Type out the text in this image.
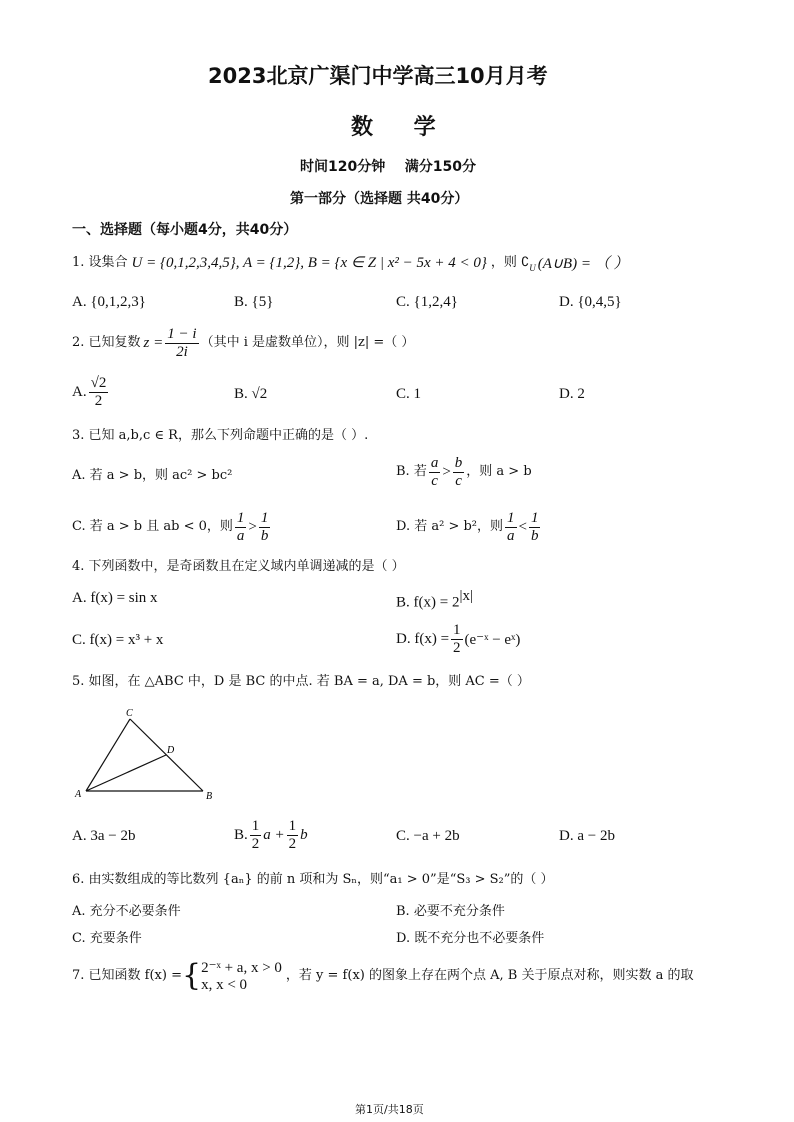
2023北京广渠门中学高三10月月考
数    学
时间120分钟    满分150分
第一部分（选择题 共40分）
一、选择题（每小题4分，共40分）
1. 设集合 U = {0,1,2,3,4,5}, A = {1,2}, B = {x ∈ Z | x² − 5x + 4 < 0} ，则 $∁_U$ (A∪B) = （ ）
A. {0,1,2,3}	B. {5}	C. {1,2,4}	D. {0,4,5}
2. 已知复数 $z = \frac{1 - i}{2i}$ （其中 i 是虚数单位），则 |z| =（ ）
A. $\frac{√2}{2}$	B. √2	C. 1	D. 2
3. 已知 a,b,c ∈ R，那么下列命题中正确的是（ ）.
A. 若 a > b，则 ac² > bc²	B. 若 $\frac{a}{c} > \frac{b}{c}$ ，则 a > b
C. 若 a > b 且 ab < 0，则 $\frac{1}{a} > \frac{1}{b}$	D. 若 a² > b²，则 $\frac{1}{a} < \frac{1}{b}$
4. 下列函数中，是奇函数且在定义域内单调递减的是（ ）
A. f(x) = sin x	B. $f(x) = 2^{|x|}$
C. f(x) = x³ + x	D. $f(x) = \frac{1}{2}$ (e⁻ˣ − eˣ)
5. 如图，在 △ABC 中，D 是 BC 的中点. 若 BA = a, DA = b，则 AC =（ ）
A	B
C
D
A. 3a − 2b	B. $\frac{1}{2}$ $a + \frac{1}{2}$ b	C. −a + 2b	D. a − 2b
6. 由实数组成的等比数列 {aₙ} 的前 n 项和为 Sₙ，则“a₁ > 0”是“S₃ > S₂”的（ ）
A. 充分不必要条件	B. 必要不充分条件
C. 充要条件	D. 既不充分也不必要条件
7. 已知函数 f(x) = { 2⁻ˣ + a, x > 0
x, x < 0
，若 y = f(x) 的图象上存在两个点 A, B 关于原点对称，则实数 a 的取
第1页/共18页
